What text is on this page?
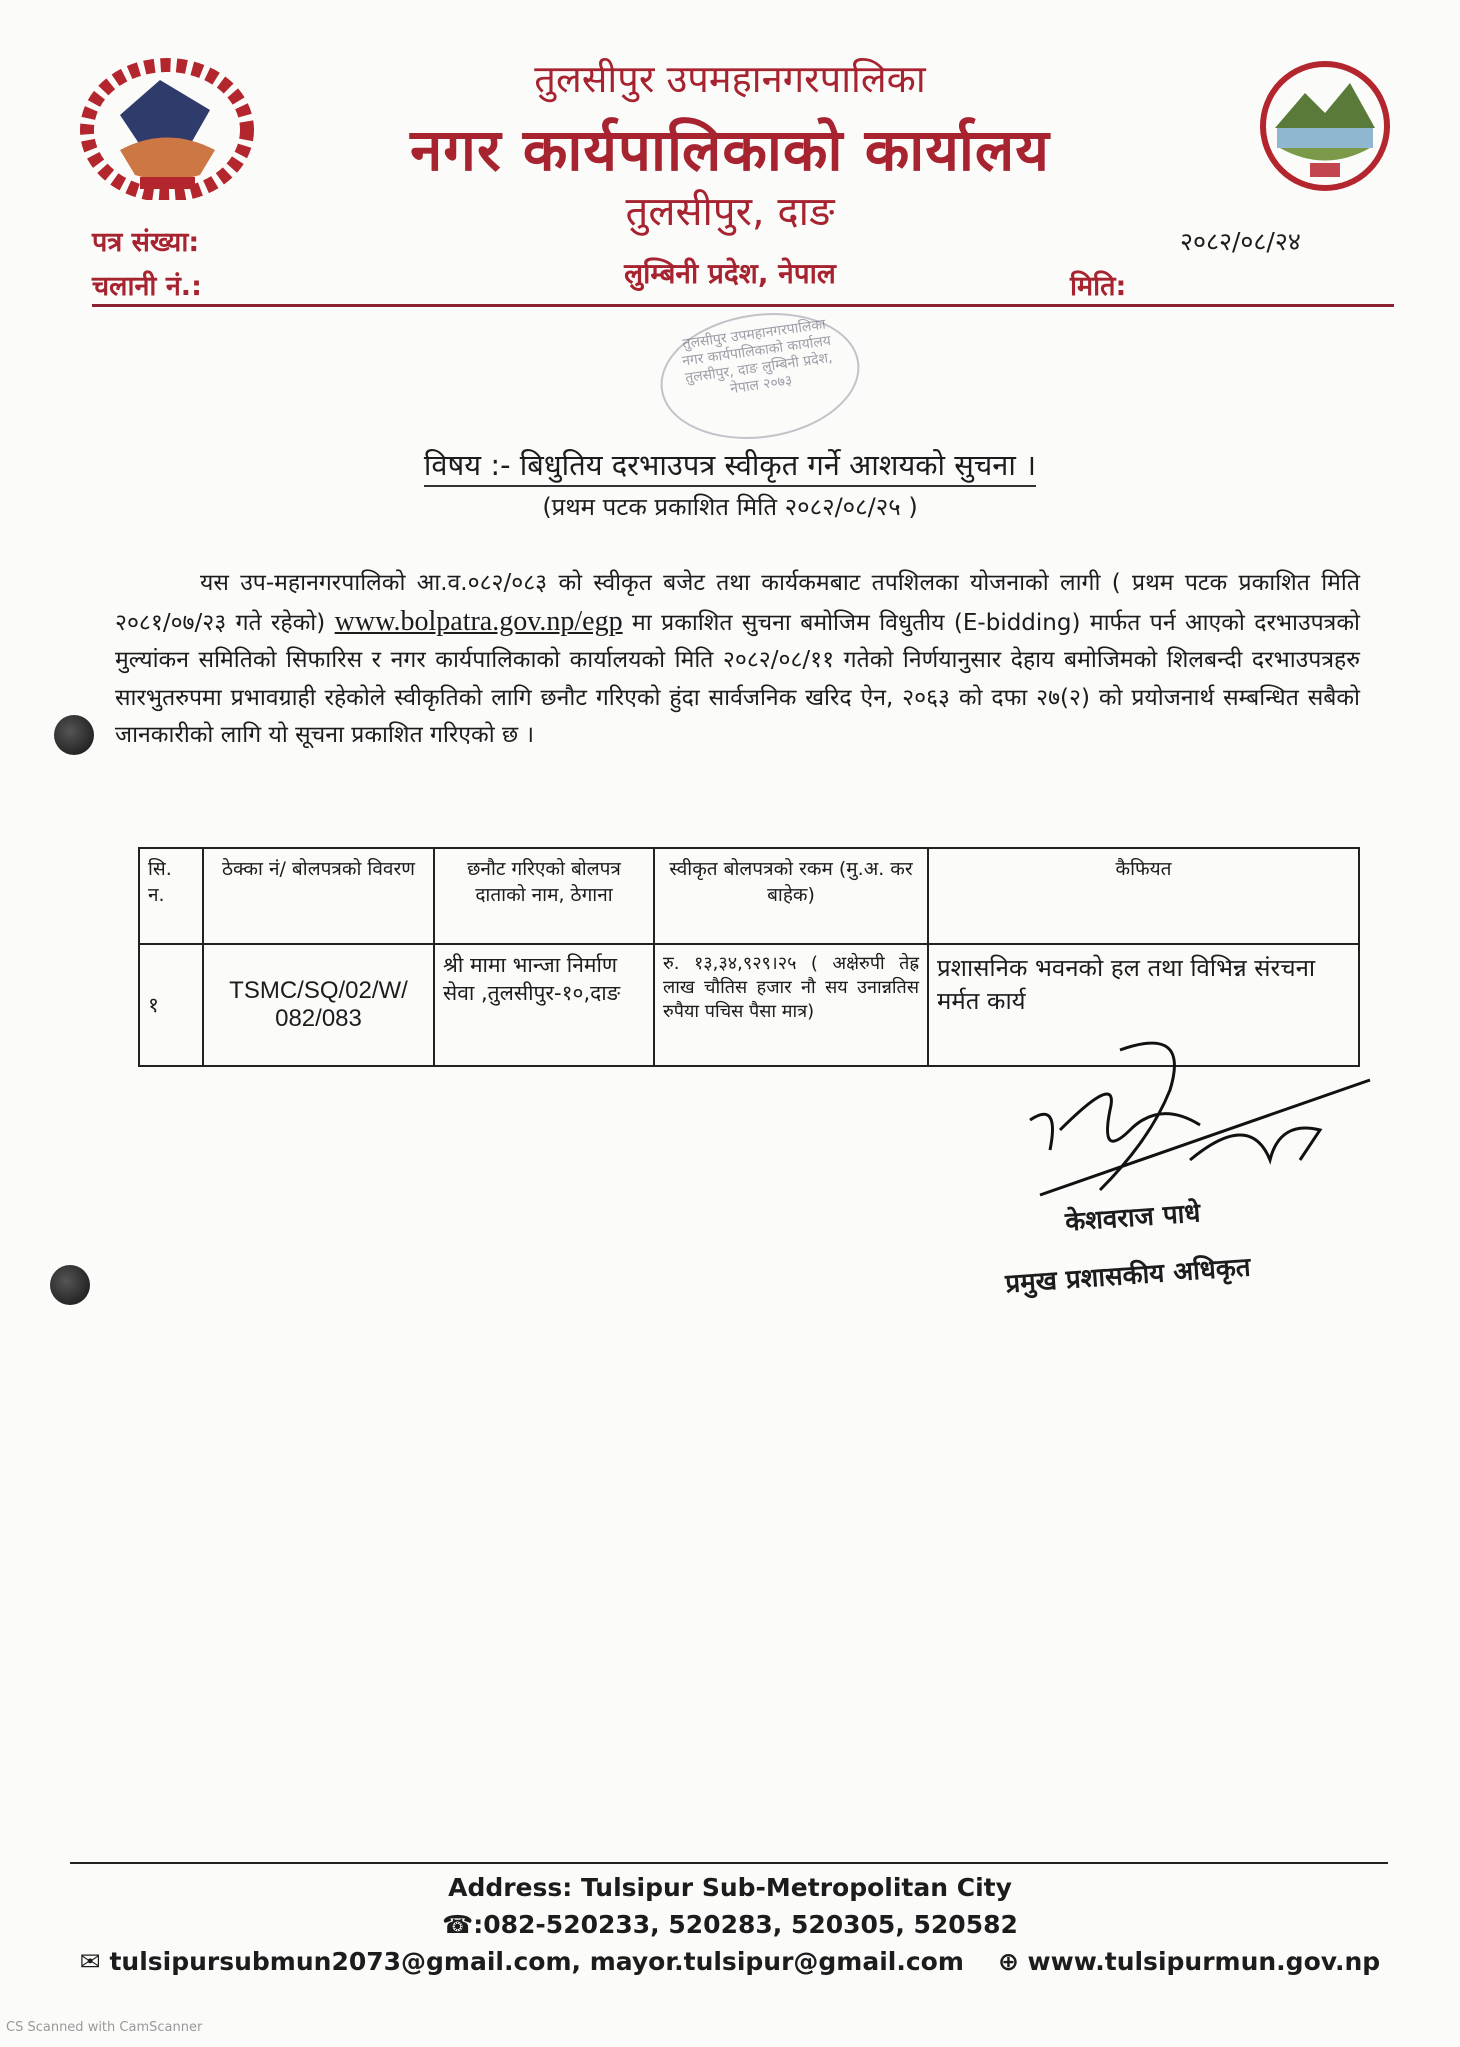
तुलसीपुर उपमहानगरपालिका
नगर कार्यपालिकाको कार्यालय
तुलसीपुर, दाङ
लुम्बिनी प्रदेश, नेपाल
पत्र संख्या:
चलानी नं.:	मिति:
२०८२/०८/२४
तुलसीपुर उपमहानगरपालिका नगर कार्यपालिकाको कार्यालय तुलसीपुर, दाङ लुम्बिनी प्रदेश, नेपाल २०७३
विषय :- बिधुतिय दरभाउपत्र स्वीकृत गर्ने आशयको सुचना ।
(प्रथम पटक प्रकाशित मिति २०८२/०८/२५ )

यस उप-महानगरपालिको आ.व.०८२/०८३ को स्वीकृत बजेट तथा कार्यकमबाट तपशिलका योजनाको लागी ( प्रथम पटक प्रकाशित मिति २०८१/०७/२३ गते रहेको) www.bolpatra.gov.np/egp मा प्रकाशित सुचना बमोजिम विधुतीय (E-bidding) मार्फत पर्न आएको दरभाउपत्रको मुल्यांकन समितिको सिफारिस र नगर कार्यपालिकाको कार्यालयको मिति २०८२/०८/११ गतेको निर्णयानुसार देहाय बमोजिमको शिलबन्दी दरभाउपत्रहरु सारभुतरुपमा प्रभावग्राही रहेकोले स्वीकृतिको लागि छनौट गरिएको हुंदा सार्वजनिक खरिद ऐन, २०६३ को दफा २७(२) को प्रयोजनार्थ सम्बन्धित सबैको जानकारीको लागि यो सूचना प्रकाशित गरिएको छ ।

सि. न.	ठेक्का नं/ बोलपत्रको विवरण	छनौट गरिएको बोलपत्र दाताको नाम, ठेगाना	स्वीकृत बोलपत्रको रकम (मु.अ. कर बाहेक)	कैफियत
१	TSMC/SQ/02/W/ 082/083	श्री मामा भान्जा निर्माण सेवा ,तुलसीपुर-१०,दाङ	रु. १३,३४,९२९।२५ ( अक्षेरुपी तेह्र लाख चौतिस हजार नौ सय उनान्नतिस रुपैया पचिस पैसा मात्र)	प्रशासनिक भवनको हल तथा विभिन्न संरचना मर्मत कार्य
केशवराज पाधे
प्रमुख प्रशासकीय अधिकृत
Address: Tulsipur Sub-Metropolitan City
☎:082-520233, 520283, 520305, 520582
✉ tulsipursubmun2073@gmail.com, mayor.tulsipur@gmail.com ⊕ www.tulsipurmun.gov.np
CS Scanned with CamScanner
